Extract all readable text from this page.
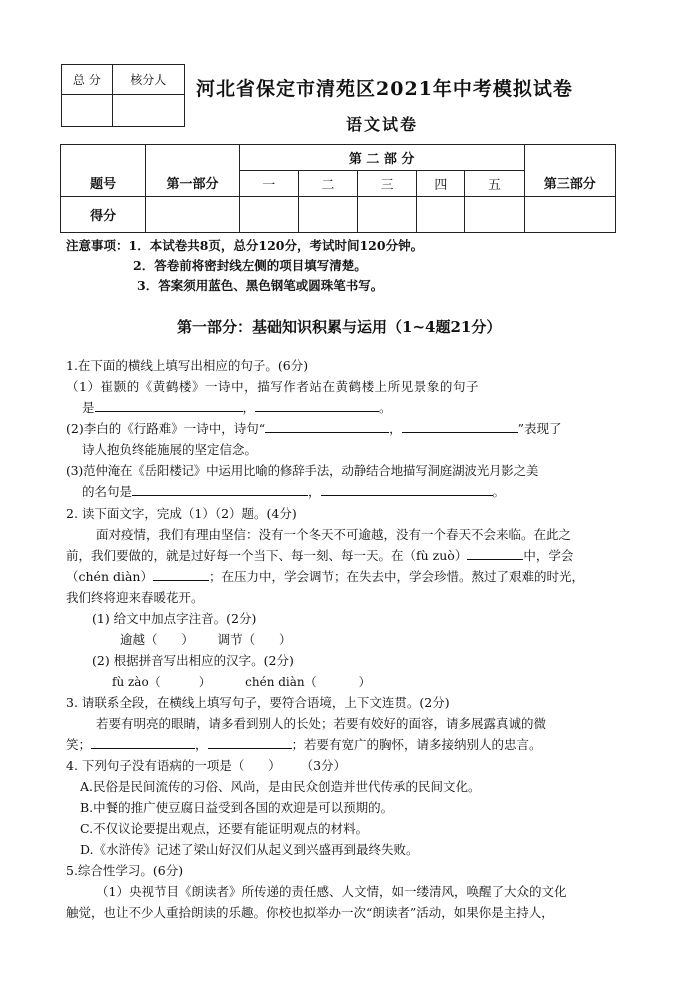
总 分	核分人
	河北省保定市清苑区2021年中考模拟试卷
语文试卷
题号	第一部分	第 二 部 分					第三部分
		一	二	三	四	五	
得分							
注意事项：1．本试卷共8页，总分120分，考试时间120分钟。
2．答卷前将密封线左侧的项目填写清楚。
3．答案须用蓝色、黑色钢笔或圆珠笔书写。
第一部分：基础知识积累与运用（1~4题21分）
1.在下面的横线上填写出相应的句子。(6分)
（1）崔颢的《黄鹤楼》一诗中，描写作者站在黄鹤楼上所见景象的句子
是	，	。
(2)李白的《行路难》一诗中，诗句“	，	”表现了
诗人抱负终能施展的坚定信念。
(3)范仲淹在《岳阳楼记》中运用比喻的修辞手法，动静结合地描写洞庭湖波光月影之美
的名句是	，	。
2. 读下面文字，完成（1）（2）题。(4分)
面对疫情，我们有理由坚信：没有一个冬天不可逾越，没有一个春天不会来临。在此之
前，我们要做的，就是过好每一个当下、每一刻、每一天。在（fù zuò）	中，学会
（chén diàn）	；在压力中，学会调节；在失去中，学会珍惜。熬过了艰难的时光，
我们终将迎来春暖花开。
(1) 给文中加点字注音。(2分)
逾越（      ）      调节（      ）
(2) 根据拼音写出相应的汉字。(2分)
fù zào（          ）         chén diàn（           ）
3. 请联系全段，在横线上填写句子，要符合语境，上下文连贯。(2分)
若要有明亮的眼睛，请多看到别人的长处；若要有姣好的面容，请多展露真诚的微
笑；	，	；若要有宽广的胸怀，请多接纳别人的忠言。
4. 下列句子没有语病的一项是（      ）     （3分）
A.民俗是民间流传的习俗、风尚，是由民众创造并世代传承的民间文化。
B.中餐的推广使豆腐日益受到各国的欢迎是可以预期的。
C.不仅议论要提出观点，还要有能证明观点的材料。
D.《水浒传》记述了梁山好汉们从起义到兴盛再到最终失败。
5.综合性学习。(6分)
（1）央视节目《朗读者》所传递的责任感、人文情，如一缕清风，唤醒了大众的文化
触觉，也让不少人重拾朗读的乐趣。你校也拟举办一次“朗读者”活动，如果你是主持人，
